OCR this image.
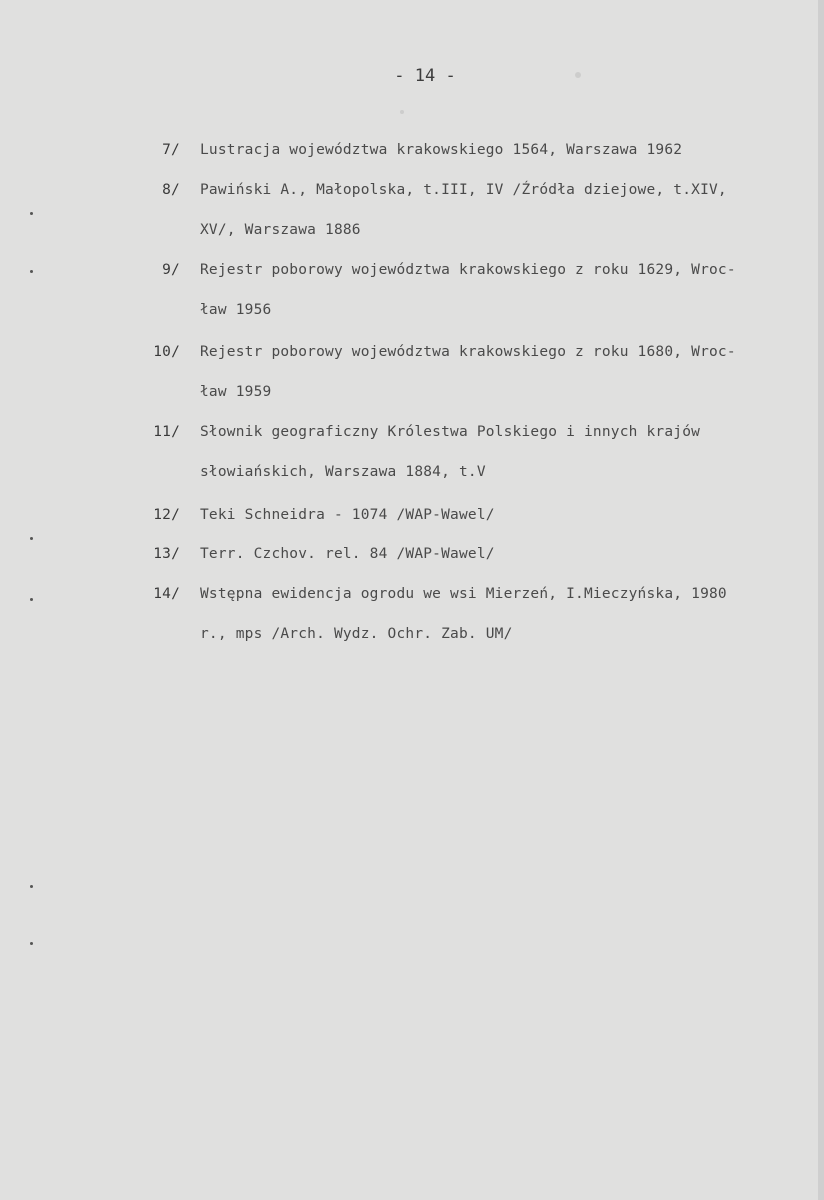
- 14 -
7/ Lustracja województwa krakowskiego 1564, Warszawa 1962
8/ Pawiński A., Małopolska, t.III, IV /Źródła dziejowe, t.XIV,
XV/, Warszawa 1886
9/ Rejestr poborowy województwa krakowskiego z roku 1629, Wroc-
ław 1956
10/ Rejestr poborowy województwa krakowskiego z roku 1680, Wroc-
ław 1959
11/ Słownik geograficzny Królestwa Polskiego i innych krajów
słowiańskich, Warszawa 1884, t.V
12/ Teki Schneidra - 1074 /WAP-Wawel/
13/ Terr. Czchov. rel. 84 /WAP-Wawel/
14/ Wstępna ewidencja ogrodu we wsi Mierzeń, I.Mieczyńska, 1980
r., mps /Arch. Wydz. Ochr. Zab. UM/
